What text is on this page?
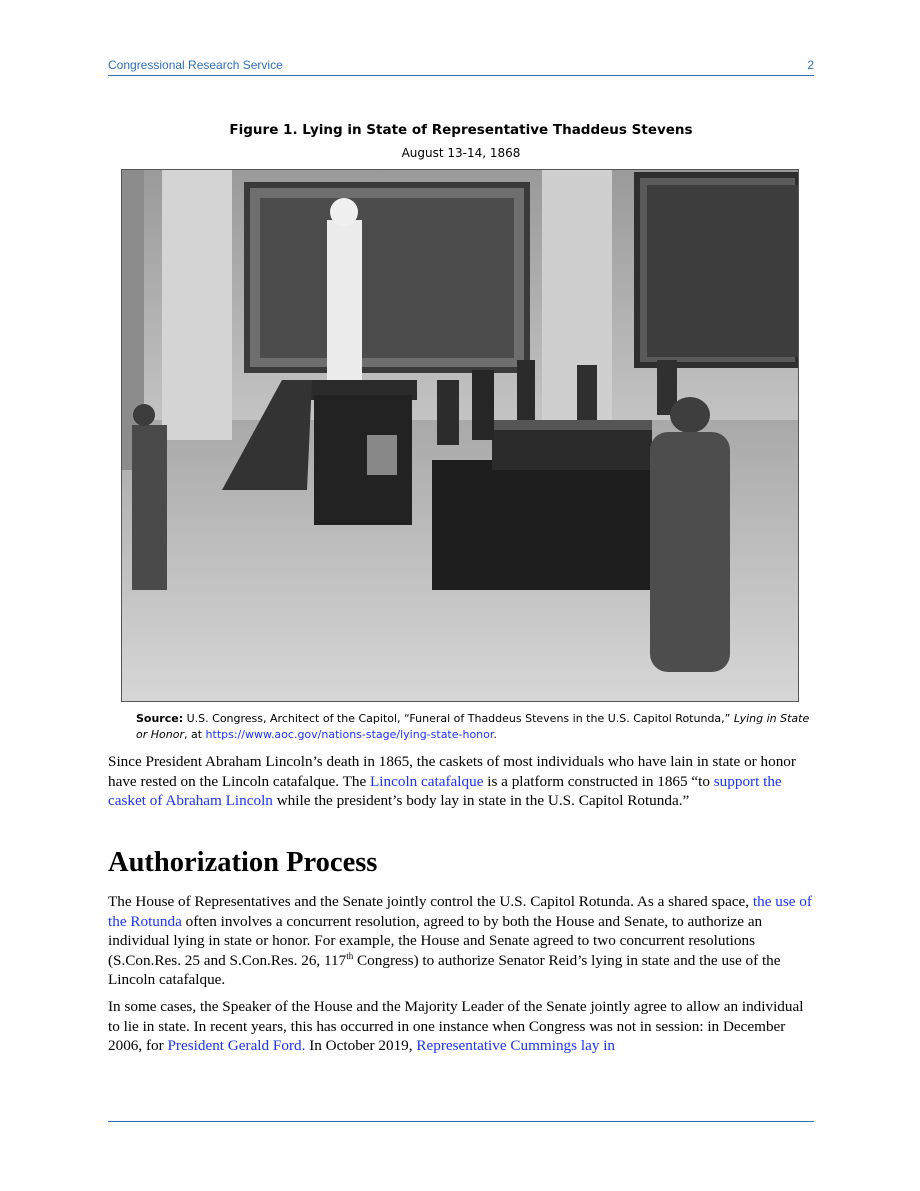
Congressional Research Service	2
Figure 1. Lying in State of Representative Thaddeus Stevens
August 13-14, 1868
Source: U.S. Congress, Architect of the Capitol, “Funeral of Thaddeus Stevens in the U.S. Capitol Rotunda,” Lying in State or Honor, at https://www.aoc.gov/nations-stage/lying-state-honor.
Since President Abraham Lincoln’s death in 1865, the caskets of most individuals who have lain in state or honor have rested on the Lincoln catafalque. The Lincoln catafalque is a platform constructed in 1865 “to support the casket of Abraham Lincoln while the president’s body lay in state in the U.S. Capitol Rotunda.”
Authorization Process
The House of Representatives and the Senate jointly control the U.S. Capitol Rotunda. As a shared space, the use of the Rotunda often involves a concurrent resolution, agreed to by both the House and Senate, to authorize an individual lying in state or honor. For example, the House and Senate agreed to two concurrent resolutions (S.Con.Res. 25 and S.Con.Res. 26, 117th Congress) to authorize Senator Reid’s lying in state and the use of the Lincoln catafalque.
In some cases, the Speaker of the House and the Majority Leader of the Senate jointly agree to allow an individual to lie in state. In recent years, this has occurred in one instance when Congress was not in session: in December 2006, for President Gerald Ford. In October 2019, Representative Cummings lay in
